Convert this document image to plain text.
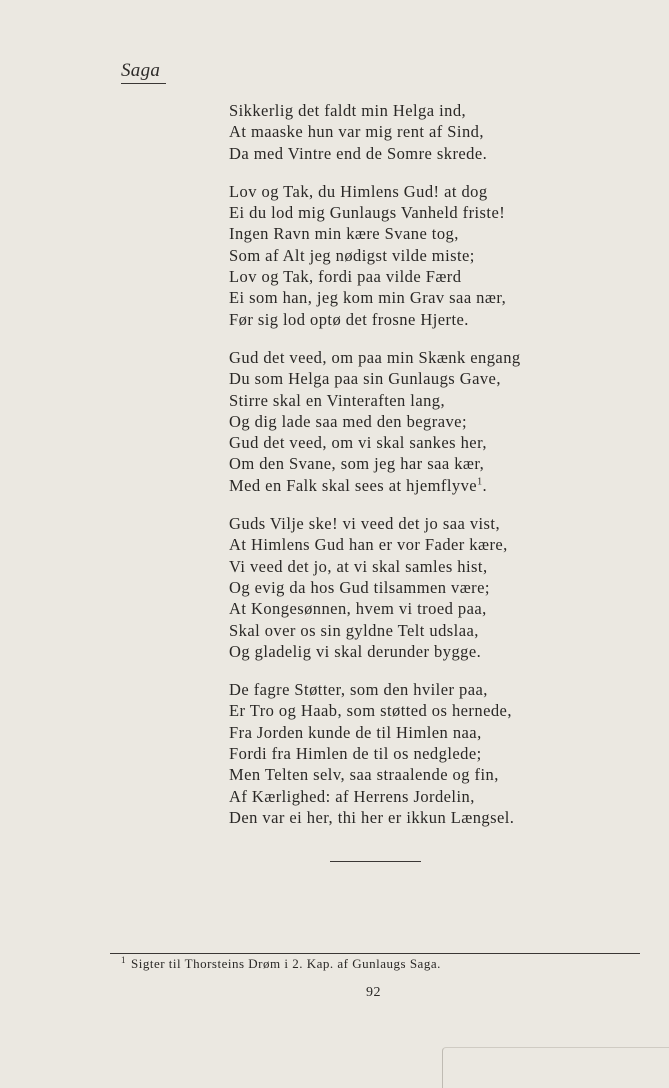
Saga
Sikkerlig det faldt min Helga ind,
At maaske hun var mig rent af Sind,
Da med Vintre end de Somre skrede.
Lov og Tak, du Himlens Gud! at dog
Ei du lod mig Gunlaugs Vanheld friste!
Ingen Ravn min kære Svane tog,
Som af Alt jeg nødigst vilde miste;
Lov og Tak, fordi paa vilde Færd
Ei som han, jeg kom min Grav saa nær,
Før sig lod optø det frosne Hjerte.
Gud det veed, om paa min Skænk engang
Du som Helga paa sin Gunlaugs Gave,
Stirre skal en Vinteraften lang,
Og dig lade saa med den begrave;
Gud det veed, om vi skal sankes her,
Om den Svane, som jeg har saa kær,
Med en Falk skal sees at hjemflyve$^1$.
Guds Vilje ske! vi veed det jo saa vist,
At Himlens Gud han er vor Fader kære,
Vi veed det jo, at vi skal samles hist,
Og evig da hos Gud tilsammen være;
At Kongesønnen, hvem vi troed paa,
Skal over os sin gyldne Telt udslaa,
Og gladelig vi skal derunder bygge.
De fagre Støtter, som den hviler paa,
Er Tro og Haab, som støtted os hernede,
Fra Jorden kunde de til Himlen naa,
Fordi fra Himlen de til os nedglede;
Men Telten selv, saa straalende og fin,
Af Kærlighed: af Herrens Jordelin,
Den var ei her, thi her er ikkun Længsel.
$^1$ Sigter til Thorsteins Drøm i 2. Kap. af Gunlaugs Saga.
92
